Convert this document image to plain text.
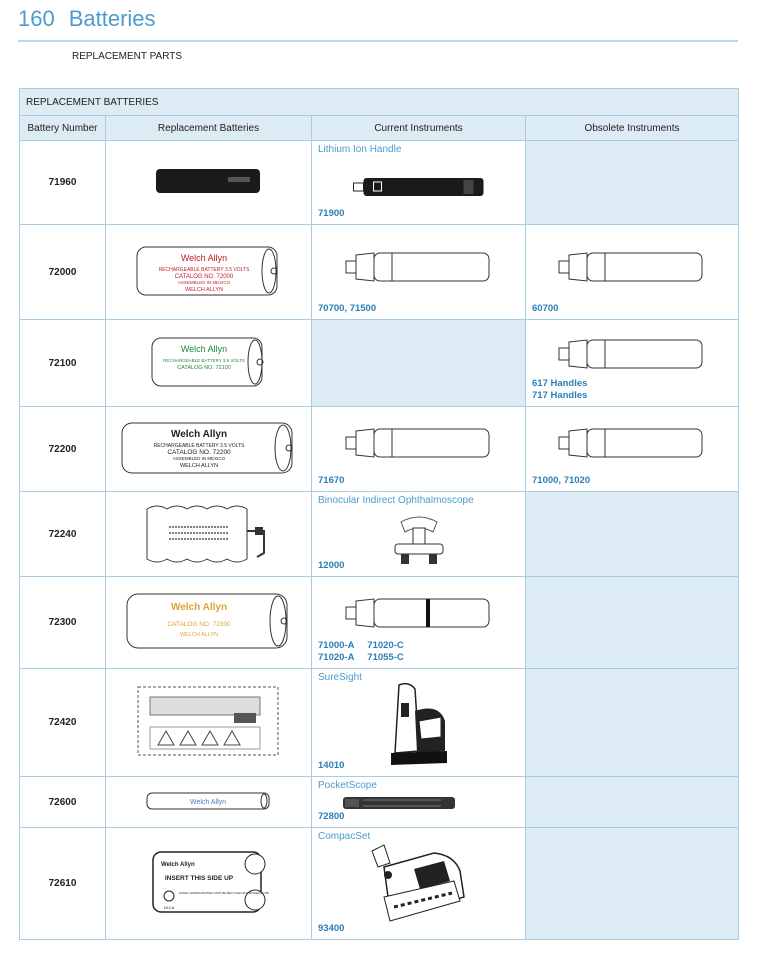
160 Batteries
REPLACEMENT PARTS
REPLACEMENT BATTERIES			
Battery Number	Replacement Batteries	Current Instruments	Obsolete Instruments
71960		Lithium Ion Handle
71900	

72000	Welch Allyn
RECHARGEABLE BATTERY 3.5 VOLTS
CATALOG NO. 72000
ASSEMBLED IN MEXICO
WELCH ALLYN	70700, 71500	60700

72100	Welch Allyn
RECHARGEABLE BATTERY 3.5 VOLTS
CATALOG NO. 72100		617 Handles
717 Handles

72200	Welch Allyn
RECHARGEABLE BATTERY 3.5 VOLTS
CATALOG NO. 72200
ASSEMBLED IN MEXICO
WELCH ALLYN	71670	71000, 71020

72240		Binocular Indirect Ophthalmoscope
12000	

72300	Welch Allyn
CATALOG NO. 72300
WELCH ALLYN	71000-A     71020-C
71020-A     71055-C	

72420		SureSight
14010	

72600	Welch Allyn	PocketScope
72800	

72610	Welch Allyn
INSERT THIS SIDE UP
Ni-Cd
NICKEL CADMIUM BATTERY MUST BE RECYCLED OR DISPOSED OF PROPERLY	CompacSet
93400	
